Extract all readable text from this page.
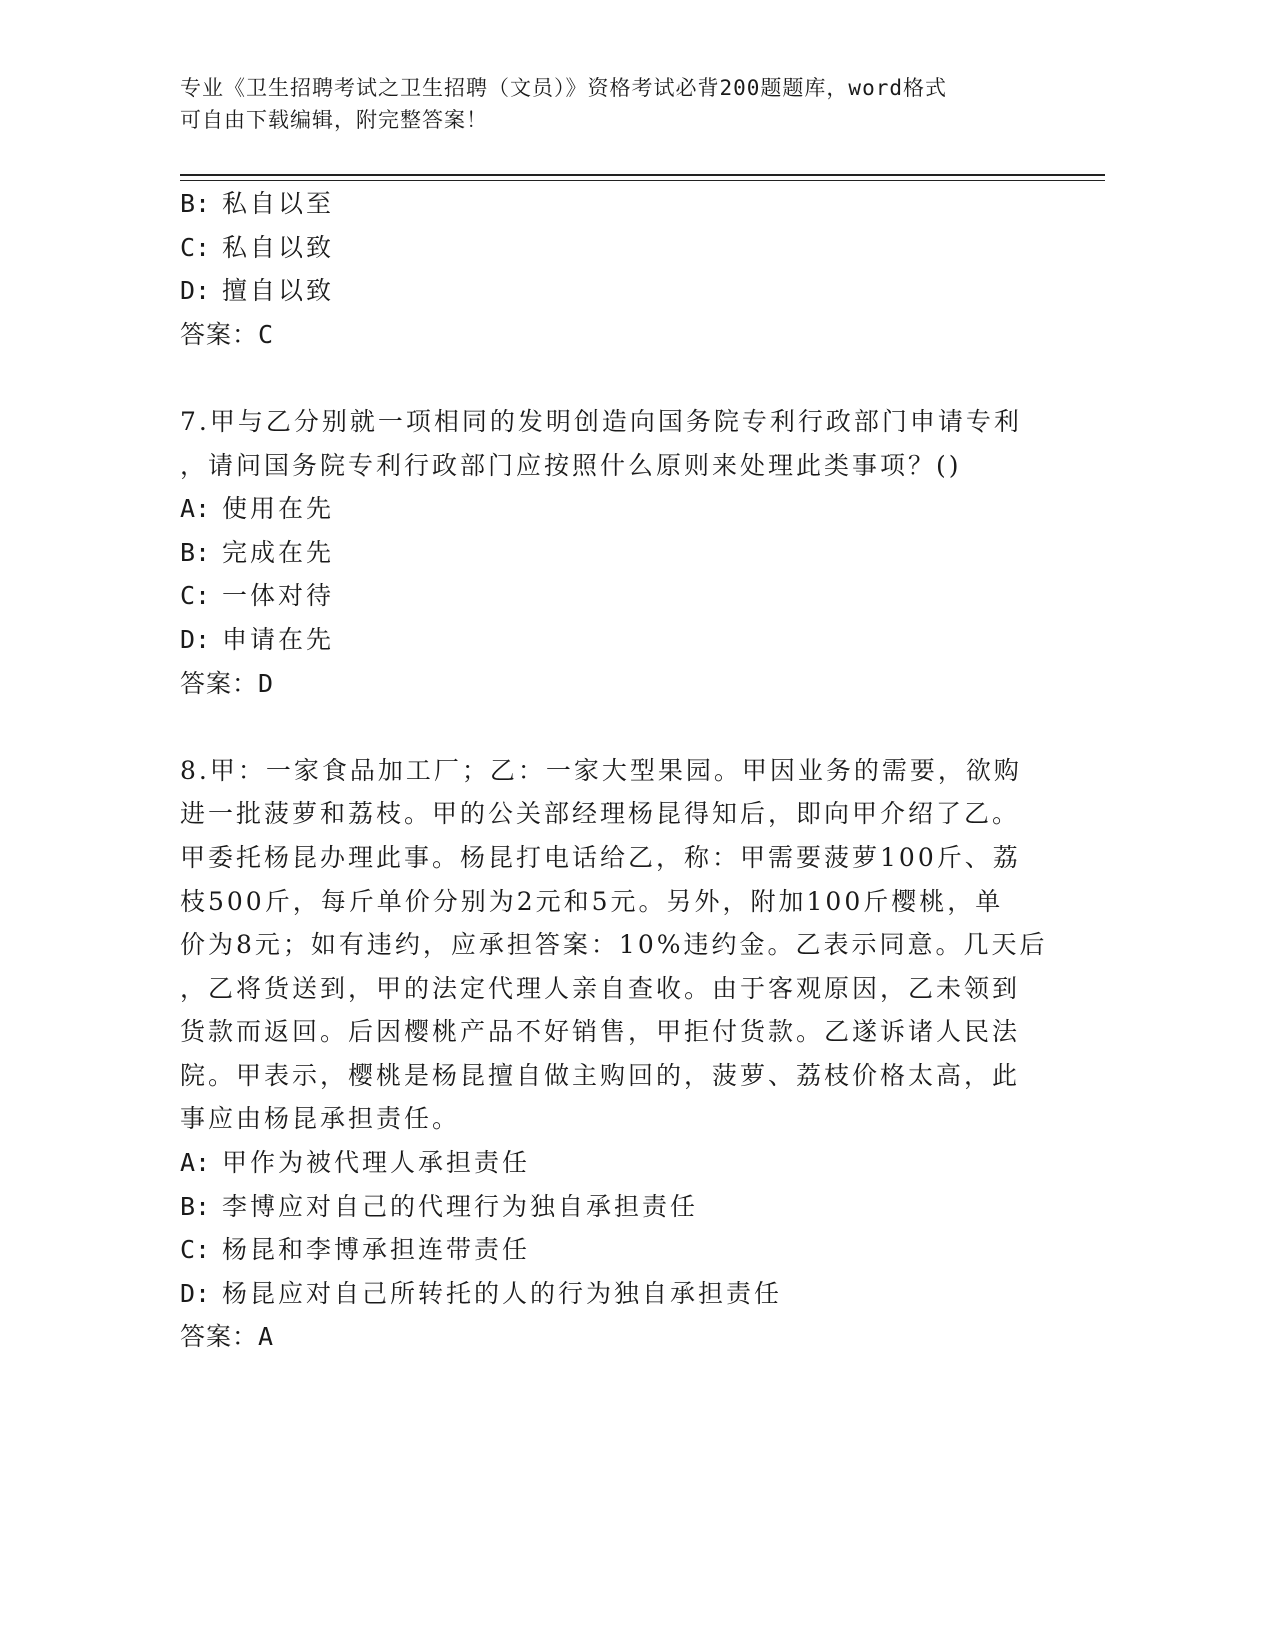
专业《卫生招聘考试之卫生招聘（文员）》资格考试必背200题题库，word格式
可自由下载编辑，附完整答案！
B: 私自以至
C: 私自以致
D: 擅自以致
答案：C
7.甲与乙分别就一项相同的发明创造向国务院专利行政部门申请专利
，请问国务院专利行政部门应按照什么原则来处理此类事项？()
A: 使用在先
B: 完成在先
C: 一体对待
D: 申请在先
答案：D
8.甲：一家食品加工厂；乙：一家大型果园。甲因业务的需要，欲购
进一批菠萝和荔枝。甲的公关部经理杨昆得知后，即向甲介绍了乙。
甲委托杨昆办理此事。杨昆打电话给乙，称：甲需要菠萝100斤、荔
枝500斤，每斤单价分别为2元和5元。另外，附加100斤樱桃，单
价为8元；如有违约，应承担答案：10%违约金。乙表示同意。几天后
，乙将货送到，甲的法定代理人亲自查收。由于客观原因，乙未领到
货款而返回。后因樱桃产品不好销售，甲拒付货款。乙遂诉诸人民法
院。甲表示，樱桃是杨昆擅自做主购回的，菠萝、荔枝价格太高，此
事应由杨昆承担责任。
A: 甲作为被代理人承担责任
B: 李博应对自己的代理行为独自承担责任
C: 杨昆和李博承担连带责任
D: 杨昆应对自己所转托的人的行为独自承担责任
答案：A
